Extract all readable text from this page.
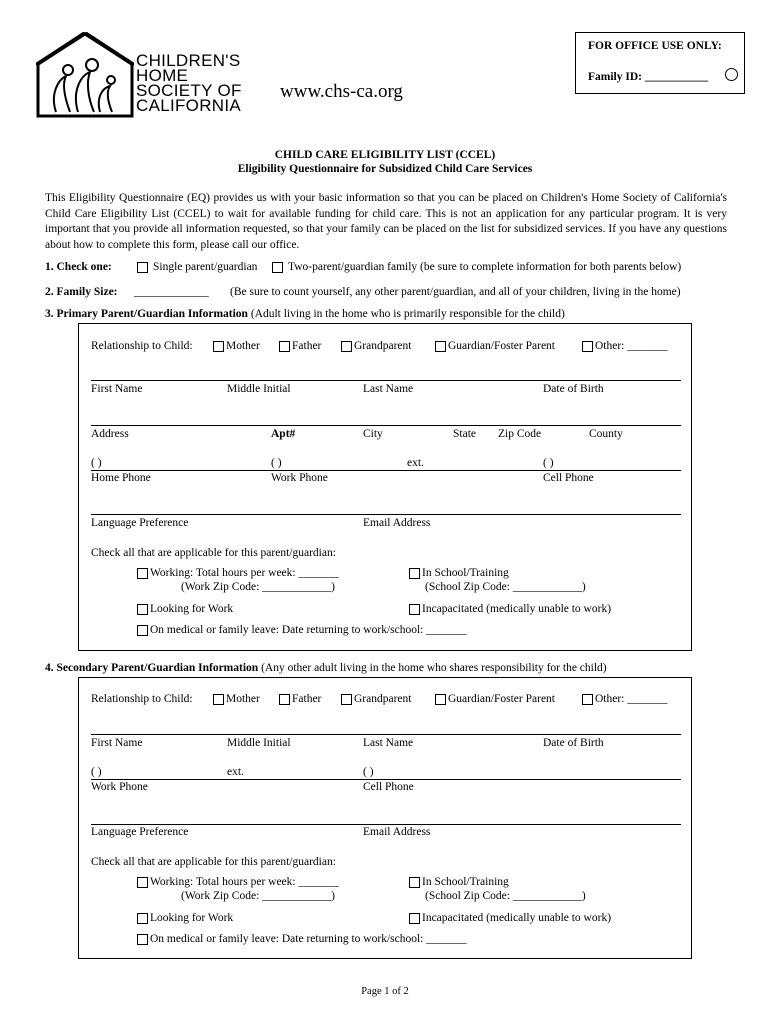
CHILDREN'S
HOME
SOCIETY OF
CALIFORNIA
www.chs-ca.org
FOR OFFICE USE ONLY:
Family ID: ___________
CHILD CARE ELIGIBILITY LIST (CCEL)
Eligibility Questionnaire for Subsidized Child Care Services
This Eligibility Questionnaire (EQ) provides us with your basic information so that you can be placed on Children's Home Society of California's Child Care Eligibility List (CCEL) to wait for available funding for child care. This is not an application for any particular program. It is very important that you provide all information requested, so that your family can be placed on the list for subsidized services. If you have any questions about how to complete this form, please call our office.
1. Check one:	Single parent/guardian	Two-parent/guardian family (be sure to complete information for both parents below)
2. Family Size: _____________ (Be sure to count yourself, any other parent/guardian, and all of your children, living in the home)
3. Primary Parent/Guardian Information (Adult living in the home who is primarily responsible for the child)
Relationship to Child:	Mother	Father	Grandparent	Guardian/Foster Parent	Other: _______
First Name	Middle Initial	Last Name	Date of Birth
Address	Apt#	City	State Zip Code	County
( )	( )	ext.	( )
Home Phone	Work Phone	Cell Phone
Language Preference	Email Address
Check all that are applicable for this parent/guardian:
Working: Total hours per week: _______
(Work Zip Code: ____________)
In School/Training
(School Zip Code: ____________)
Looking for Work	Incapacitated (medically unable to work)
On medical or family leave: Date returning to work/school: _______
4. Secondary Parent/Guardian Information (Any other adult living in the home who shares responsibility for the child)
Relationship to Child:	Mother	Father	Grandparent	Guardian/Foster Parent	Other: _______
First Name	Middle Initial	Last Name	Date of Birth
( )	ext.	( )
Work Phone	Cell Phone
Language Preference	Email Address
Check all that are applicable for this parent/guardian:
Working: Total hours per week: _______
(Work Zip Code: ____________)
In School/Training
(School Zip Code: ____________)
Looking for Work	Incapacitated (medically unable to work)
On medical or family leave: Date returning to work/school: _______
Page 1 of 2
